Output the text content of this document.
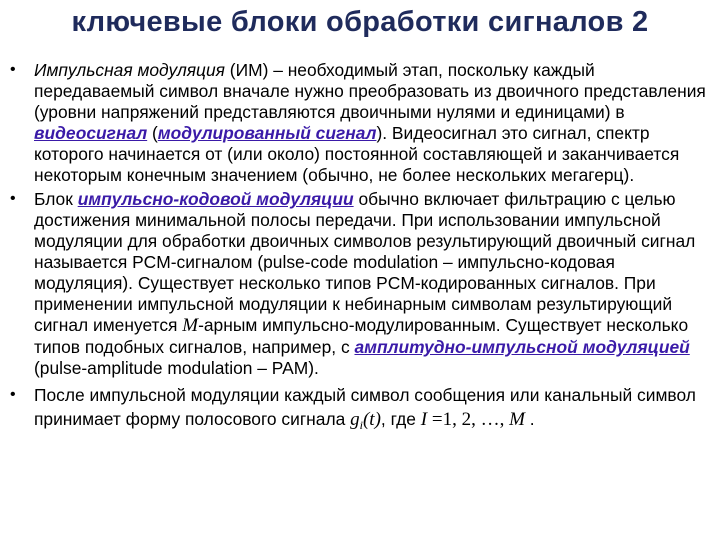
ключевые блоки обработки сигналов 2
• Импульсная модуляция (ИМ) – необходимый этап, поскольку каждый передаваемый символ вначале нужно преобразовать из двоичного представления (уровни напряжений представляются двоичными нулями и единицами) в видеосигнал (модулированный сигнал). Видеосигнал это сигнал, спектр которого начинается от (или около) постоянной составляющей и заканчивается некоторым конечным значением (обычно, не более нескольких мегагерц).
• Блок импульсно-кодовой модуляции обычно включает фильтрацию с целью достижения минимальной полосы передачи. При использовании импульсной модуляции для обработки двоичных символов результирующий двоичный сигнал называется PCM-сигналом (pulse-code modulation – импульсно-кодовая модуляция). Существует несколько типов PCM-кодированных сигналов. При применении импульсной модуляции к небинарным символам результирующий сигнал именуется M-арным импульсно-модулированным. Существует несколько типов подобных сигналов, например, с амплитудно-импульсной модуляцией (pulse-amplitude modulation – PAM).
• После импульсной модуляции каждый символ сообщения или канальный символ принимает форму полосового сигнала $g_i(t)$, где I =1, 2, …, M .
